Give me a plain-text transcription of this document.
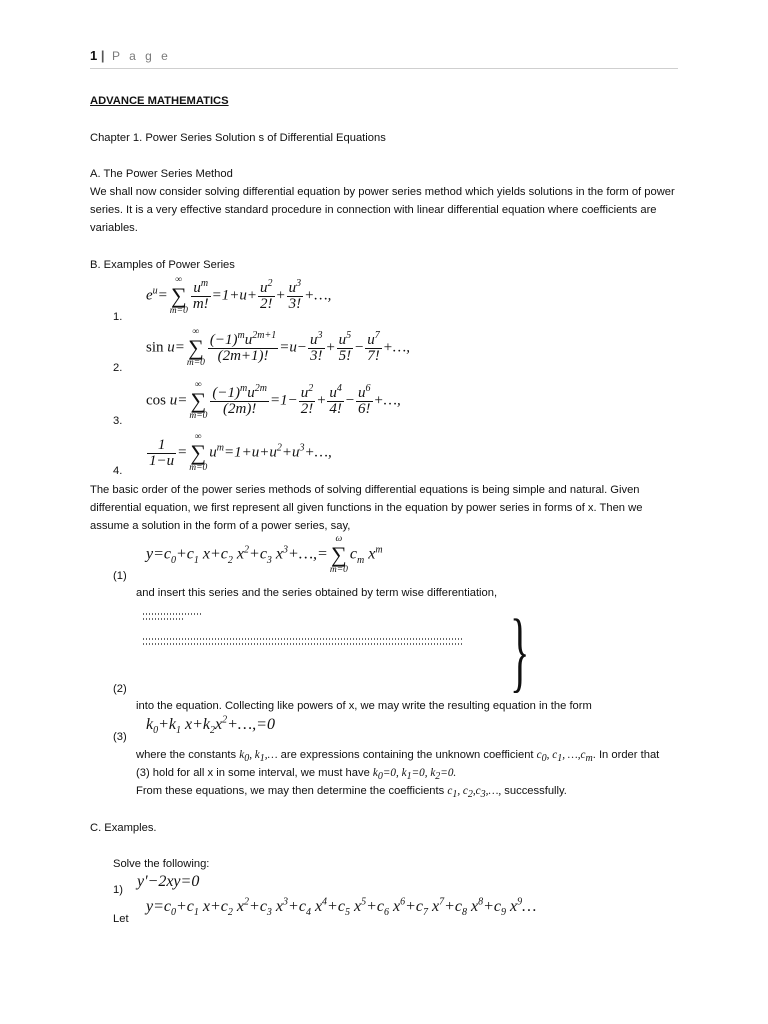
1 | P a g e
ADVANCE MATHEMATICS
Chapter 1. Power Series Solution s of Differential Equations
A. The Power Series Method
We shall now consider solving differential equation by power series method which yields solutions in the form of power series. It is a very effective standard procedure in connection with linear differential equation where coefficients are variables.
B. Examples of Power Series
1.
$e^u=$
∞
∑
$m=0 \frac{u^m}{m!} =1+u+ \frac{u^2}{2!} + \frac{u^3}{3!}$ +…,
2.
sin u=
∞
∑
$m=0 \frac{(-1)^mu^{2m+1}}{(2m+1)!} =u- \frac{u^3}{3!} + \frac{u^5}{5!} - \frac{u^7}{7!}$ +…,
3.
cos u=
∞
∑
$m=0 \frac{(-1)^mu^{2m}}{(2m)!} =1- \frac{u^2}{2!} + \frac{u^4}{4!} - \frac{u^6}{6!}$ +…,
4.
$\frac{1}{1-u}$ =
∞
∑
m=0
$u^m=1+u+u^2+u^3+\dots$,
The basic order of the power series methods of solving differential equations is being simple and natural. Given differential equation, we first represent all given functions in the equation by power series in forms of x. Then we assume a solution in the form of a power series, say,
$y=c_0+c_1$ $x+c_2$ $x^2+c_3$ $x^3+\dots,=$
ω
∑
m=0
$c_m$ $x^m$
(1)
and insert this series and the series obtained by term wise differentiation,
}
(2)
into the equation. Collecting like powers of x, we may write the resulting equation in the form
$k_0+k_1$ $x+k_2x^2+\dots,=0$
(3)
where the constants $k_0$, $k_1,\dots$ are expressions containing the unknown coefficient $c_0$, $c_1$, $\dots,c_m$. In order that
(3) hold for all x in some interval, we must have $k_0=0$, $k_1=0$, $k_2=0$.
From these equations, we may then determine the coefficients $c_1$, $c_2,c_3,\dots$, successfully.
C. Examples.
Solve the following:
1) y'−2xy=0
Let
$y=c_0+c_1$ $x+c_2$ $x^2+c_3$ $x^3+c_4$ $x^4+c_5$ $x^5+c_6$ $x^6+c_7$ $x^7+c_8$ $x^8+c_9$ $x^9\dots$
